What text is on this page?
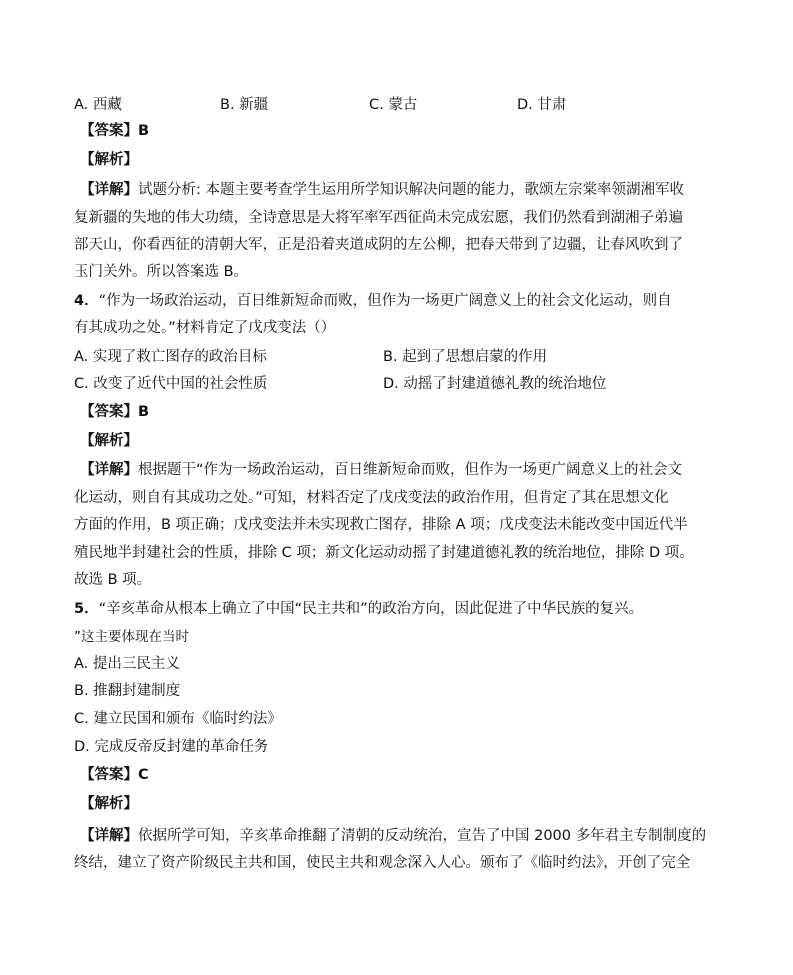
A. 西藏	B. 新疆	C. 蒙古	D. 甘肃
【答案】B
【解析】
【详解】试题分析: 本题主要考查学生运用所学知识解决问题的能力，歌颂左宗棠率领湖湘军收
复新疆的失地的伟大功绩，全诗意思是大将军率军西征尚未完成宏愿，我们仍然看到湖湘子弟遍
部天山，你看西征的清朝大军，正是沿着夹道成阴的左公柳，把春天带到了边疆，让春风吹到了
玉门关外。所以答案选 B。
4．“作为一场政治运动，百日维新短命而败，但作为一场更广阔意义上的社会文化运动，则自
有其成功之处。”材料肯定了戊戌变法（）
A. 实现了救亡图存的政治目标	B. 起到了思想启蒙的作用
C. 改变了近代中国的社会性质	D. 动摇了封建道德礼教的统治地位
【答案】B
【解析】
【详解】根据题干“作为一场政治运动，百日维新短命而败，但作为一场更广阔意义上的社会文
化运动，则自有其成功之处。”可知，材料否定了戊戌变法的政治作用，但肯定了其在思想文化
方面的作用，B 项正确；戊戌变法并未实现救亡图存，排除 A 项；戊戌变法未能改变中国近代半
殖民地半封建社会的性质，排除 C 项；新文化运动动摇了封建道德礼教的统治地位，排除 D 项。
故选 B 项。
5．“辛亥革命从根本上确立了中国“民主共和”的政治方向，因此促进了中华民族的复兴。
”这主要体现在当时
A. 提出三民主义
B. 推翻封建制度
C. 建立民国和颁布《临时约法》
D. 完成反帝反封建的革命任务
【答案】C
【解析】
【详解】依据所学可知，辛亥革命推翻了清朝的反动统治，宣告了中国 2000 多年君主专制制度的
终结，建立了资产阶级民主共和国，使民主共和观念深入人心。颁布了《临时约法》，开创了完全
